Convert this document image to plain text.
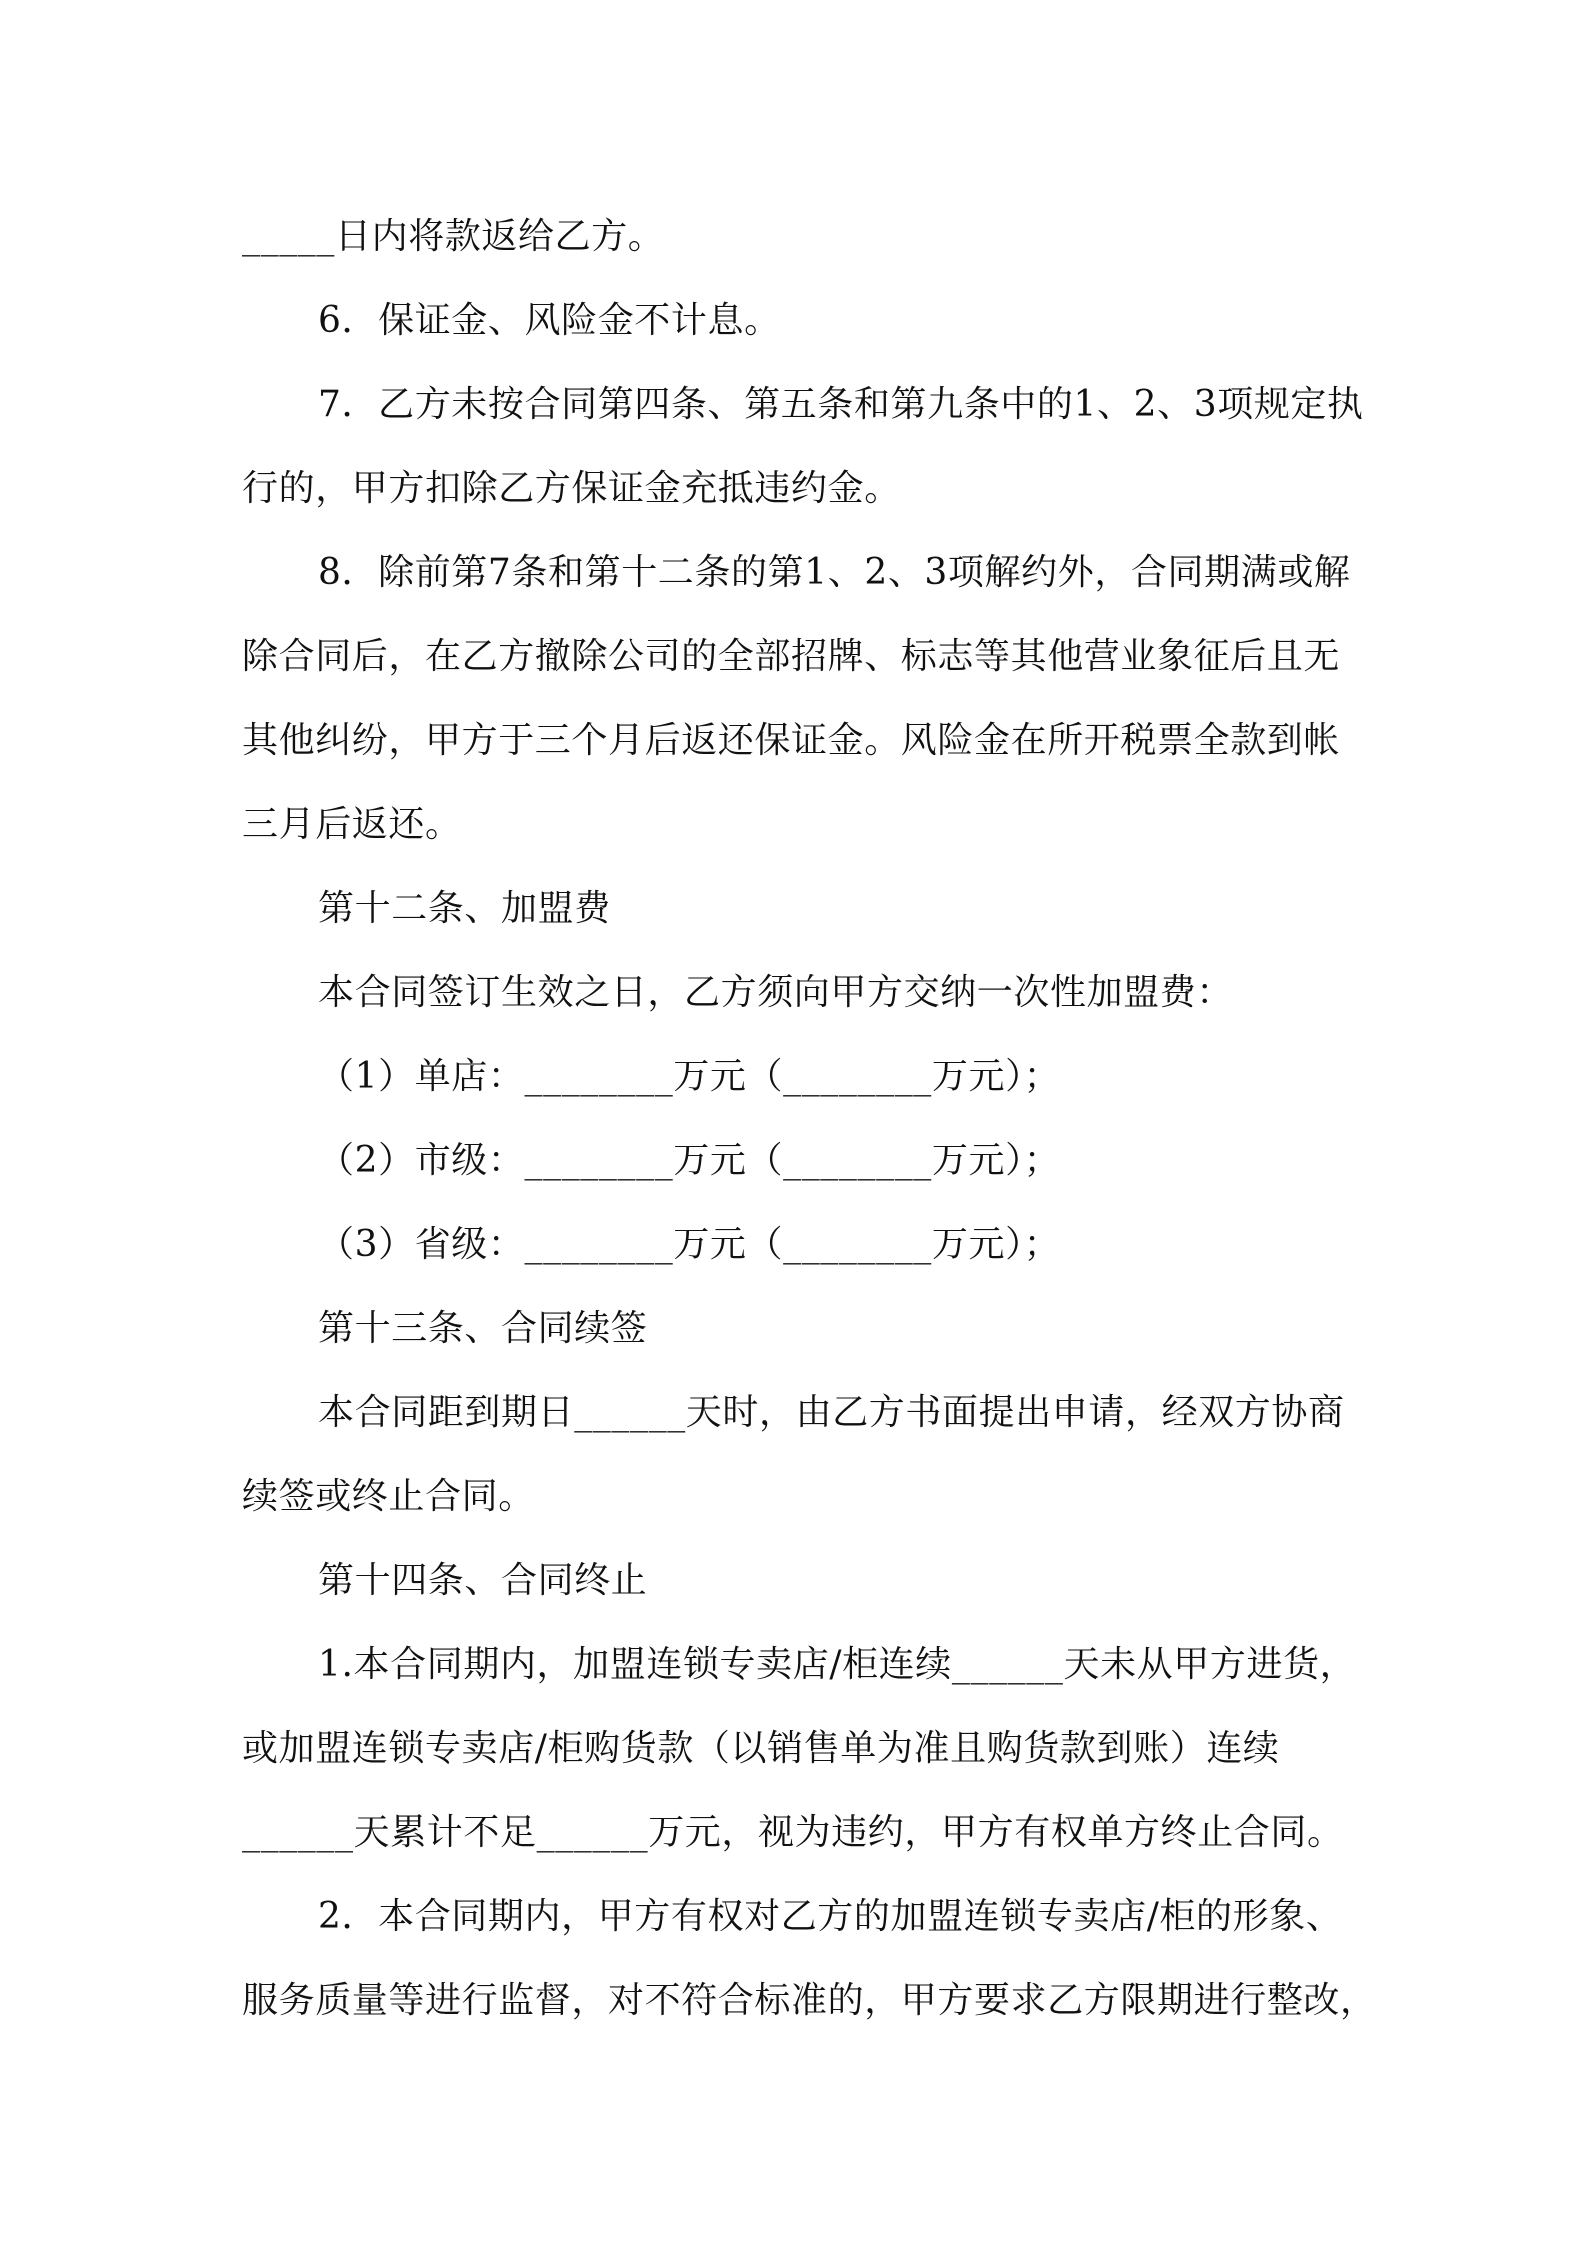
_____日内将款返给乙方。
6．保证金、风险金不计息。
7．乙方未按合同第四条、第五条和第九条中的1、2、3项规定执
行的，甲方扣除乙方保证金充抵违约金。
8．除前第7条和第十二条的第1、2、3项解约外，合同期满或解
除合同后，在乙方撤除公司的全部招牌、标志等其他营业象征后且无
其他纠纷，甲方于三个月后返还保证金。风险金在所开税票全款到帐
三月后返还。
第十二条、加盟费
本合同签订生效之日，乙方须向甲方交纳一次性加盟费：
（1）单店：________万元（________万元）；
（2）市级：________万元（________万元）；
（3）省级：________万元（________万元）；
第十三条、合同续签
本合同距到期日______天时，由乙方书面提出申请，经双方协商
续签或终止合同。
第十四条、合同终止
1.本合同期内，加盟连锁专卖店/柜连续______天未从甲方进货，
或加盟连锁专卖店/柜购货款（以销售单为准且购货款到账）连续
______天累计不足______万元，视为违约，甲方有权单方终止合同。
2．本合同期内，甲方有权对乙方的加盟连锁专卖店/柜的形象、
服务质量等进行监督，对不符合标准的，甲方要求乙方限期进行整改，
